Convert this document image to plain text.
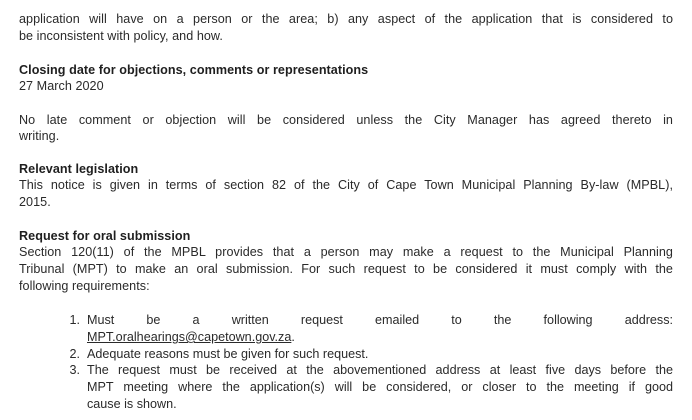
application will have on a person or the area; b) any aspect of the application that is considered to
be inconsistent with policy, and how.
Closing date for objections, comments or representations
27 March 2020
No late comment or objection will be considered unless the City Manager has agreed thereto in
writing.
Relevant legislation
This notice is given in terms of section 82 of the City of Cape Town Municipal Planning By-law (MPBL),
2015.
Request for oral submission
Section 120(11) of the MPBL provides that a person may make a request to the Municipal Planning
Tribunal (MPT) to make an oral submission. For such request to be considered it must comply with the
following requirements:
1. Must be a written request emailed to the following address:
MPT.oralhearings@capetown.gov.za.
2. Adequate reasons must be given for such request.
3. The request must be received at the abovementioned address at least five days before the
MPT meeting where the application(s) will be considered, or closer to the meeting if good
cause is shown.
